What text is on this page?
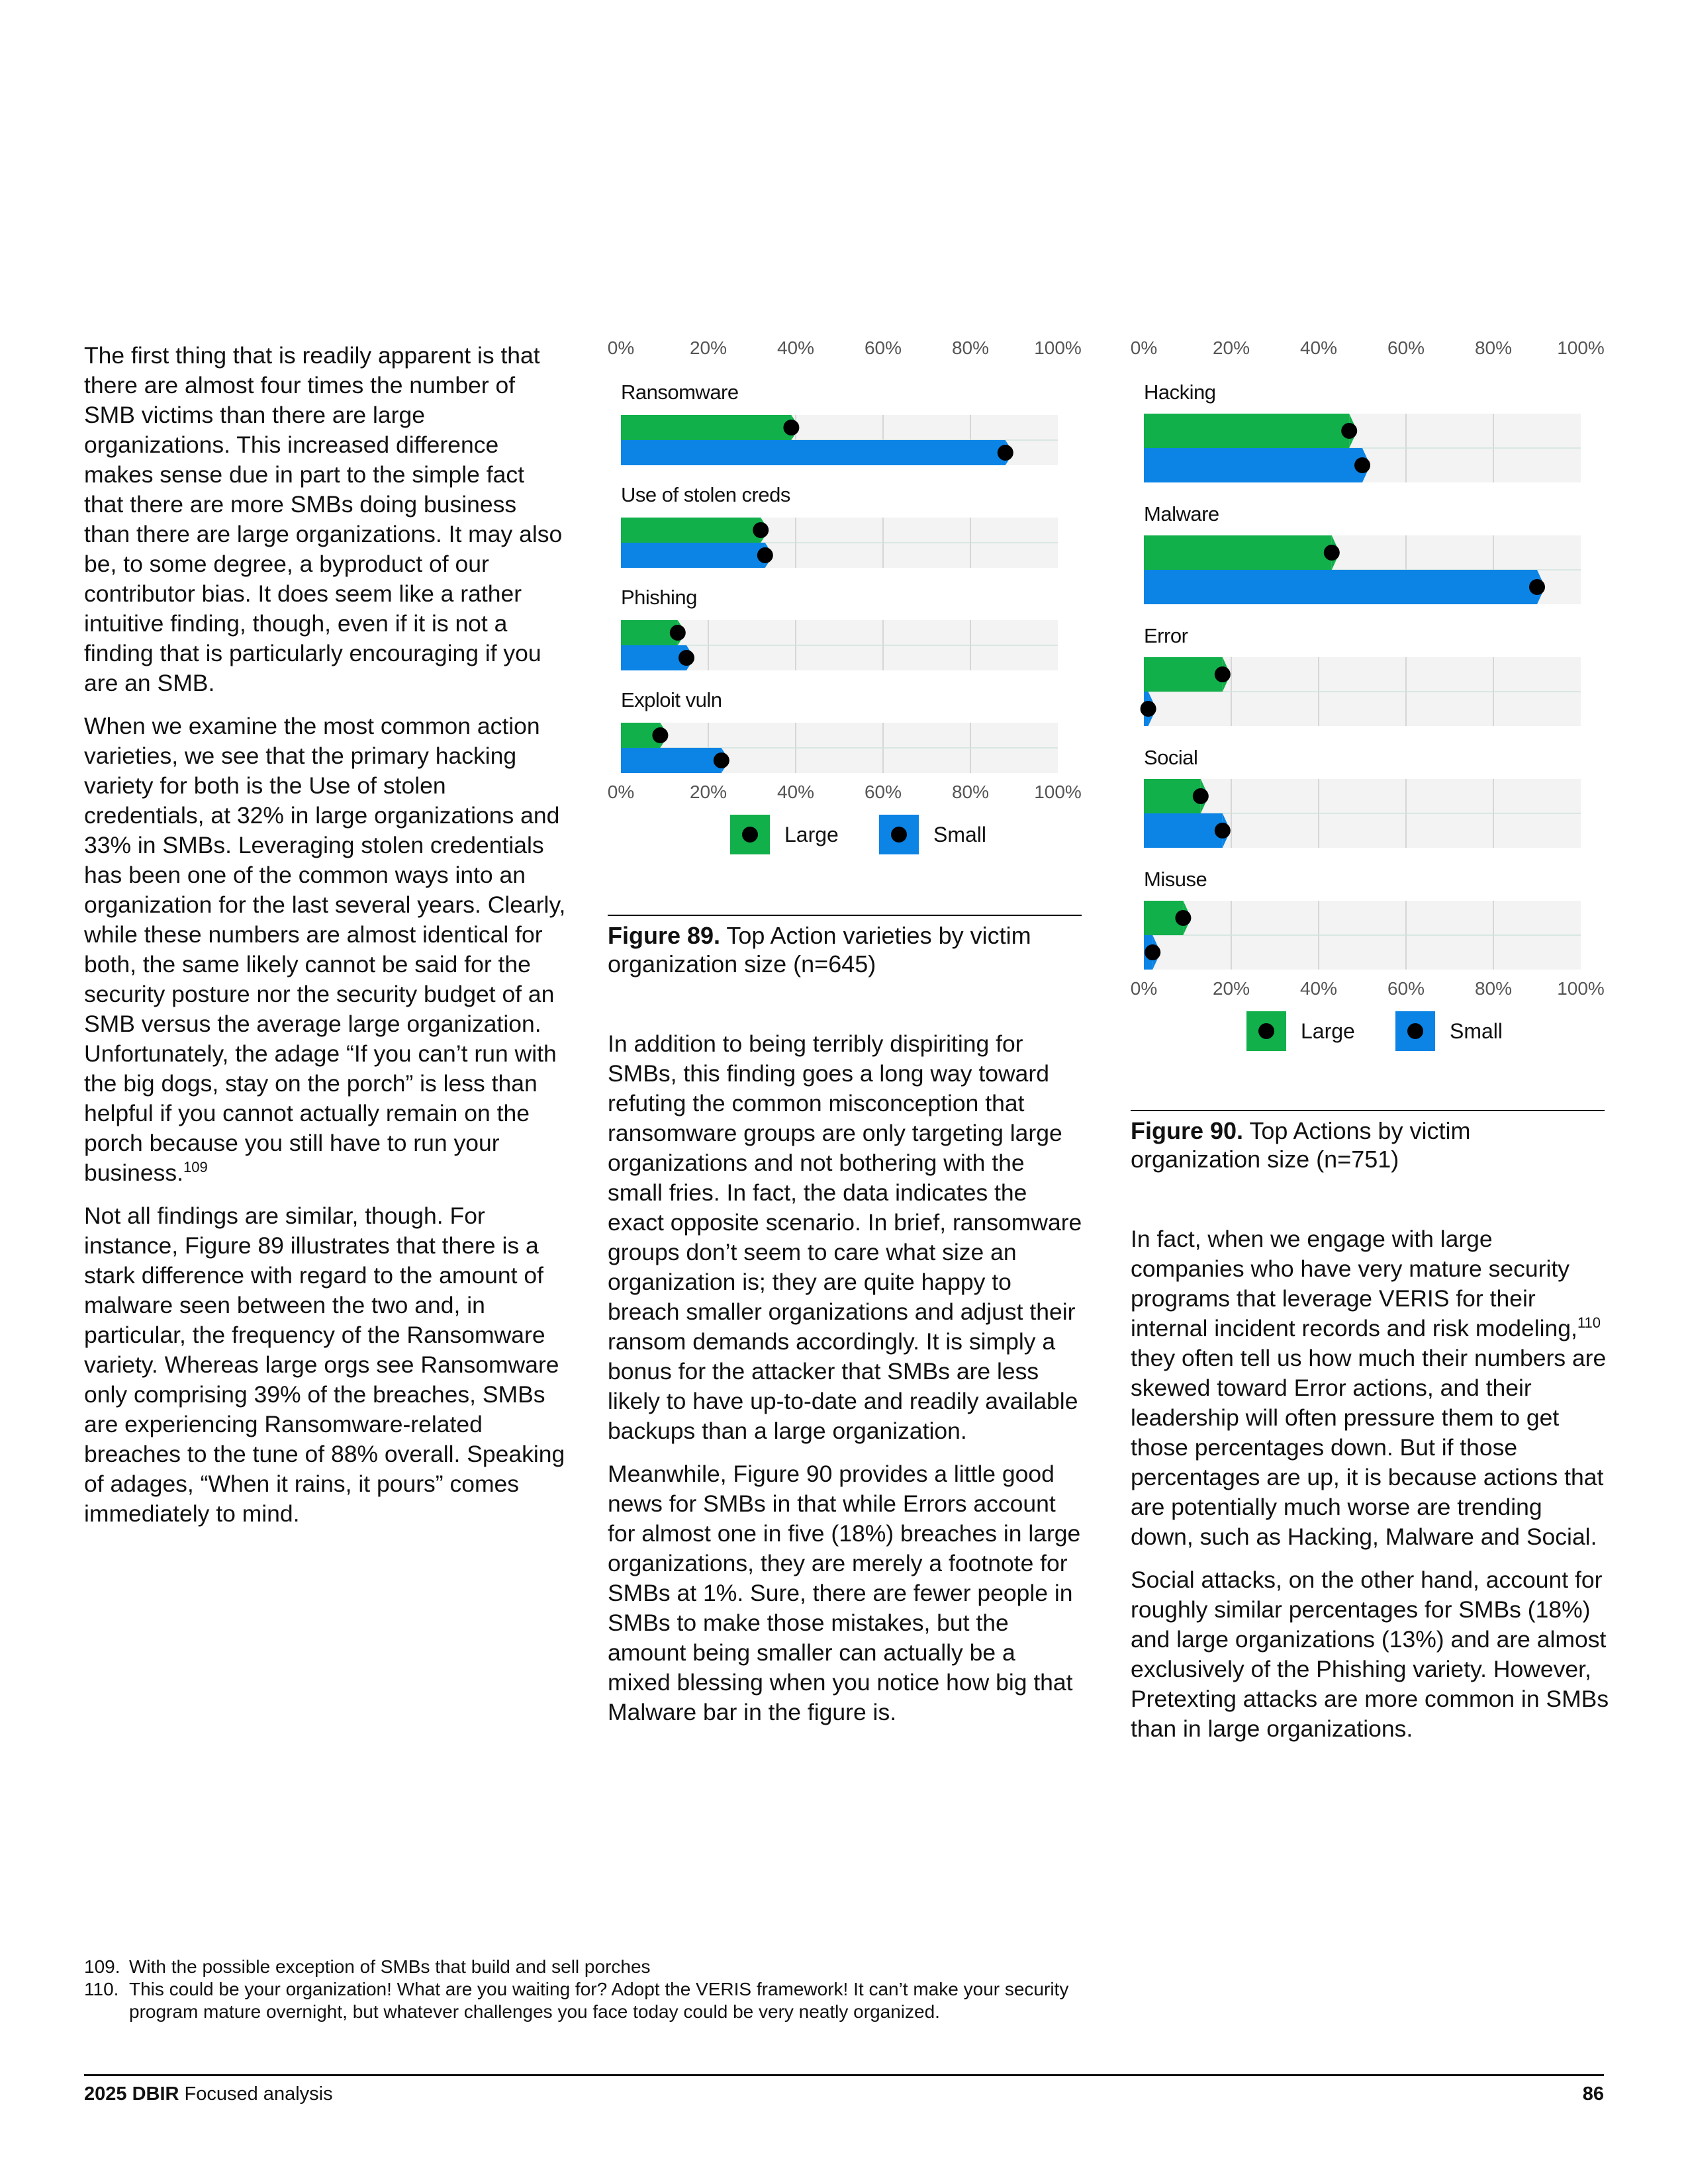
The first thing that is readily apparent is that there are almost four times the number of SMB victims than there are large organizations. This increased difference makes sense due in part to the simple fact that there are more SMBs doing business than there are large organizations. It may also be, to some degree, a byproduct of our contributor bias. It does seem like a rather intuitive finding, though, even if it is not a finding that is particularly encouraging if you are an SMB.

When we examine the most common action varieties, we see that the primary hacking variety for both is the Use of stolen credentials, at 32% in large organizations and 33% in SMBs. Leveraging stolen credentials has been one of the common ways into an organization for the last several years. Clearly, while these numbers are almost identical for both, the same likely cannot be said for the security posture nor the security budget of an SMB versus the average large organization. Unfortunately, the adage “If you can’t run with the big dogs, stay on the porch” is less than helpful if you cannot actually remain on the porch because you still have to run your business.$^{109}$

Not all findings are similar, though. For instance, Figure 89 illustrates that there is a stark difference with regard to the amount of malware seen between the two and, in particular, the frequency of the Ransomware variety. Whereas large orgs see Ransomware only comprising 39% of the breaches, SMBs are experiencing Ransomware-related breaches to the tune of 88% overall. Speaking of adages, “When it rains, it pours” comes immediately to mind.

0%	20%	40%	60%	80% 100%
0%	20%	40%	60%	80% 100%
Ransomware
Use of stolen creds
Phishing
Exploit vuln
Large	Small
Figure 89. Top Action varieties by victim organization size (n=645)

In addition to being terribly dispiriting for SMBs, this finding goes a long way toward refuting the common misconception that ransomware groups are only targeting large organizations and not bothering with the small fries. In fact, the data indicates the exact opposite scenario. In brief, ransomware groups don’t seem to care what size an organization is; they are quite happy to breach smaller organizations and adjust their ransom demands accordingly. It is simply a bonus for the attacker that SMBs are less likely to have up-to-date and readily available backups than a large organization.

Meanwhile, Figure 90 provides a little good news for SMBs in that while Errors account for almost one in five (18%) breaches in large organizations, they are merely a footnote for SMBs at 1%. Sure, there are fewer people in SMBs to make those mistakes, but the amount being smaller can actually be a mixed blessing when you notice how big that Malware bar in the figure is.

0%	20%	40%	60%	80% 100%
0%	20%	40%	60%	80% 100%
Hacking
Malware
Error
Social
Misuse
Large	Small
Figure 90. Top Actions by victim organization size (n=751)

In fact, when we engage with large companies who have very mature security programs that leverage VERIS for their internal incident records and risk modeling,$^{110}$ they often tell us how much their numbers are skewed toward Error actions, and their leadership will often pressure them to get those percentages down. But if those percentages are up, it is because actions that are potentially much worse are trending down, such as Hacking, Malware and Social.

Social attacks, on the other hand, account for roughly similar percentages for SMBs (18%) and large organizations (13%) and are almost exclusively of the Phishing variety. However, Pretexting attacks are more common in SMBs than in large organizations.

109. With the possible exception of SMBs that build and sell porches
110. This could be your organization! What are you waiting for? Adopt the VERIS framework! It can’t make your security program mature overnight, but whatever challenges you face today could be very neatly organized.
2025 DBIR Focused analysis	86
